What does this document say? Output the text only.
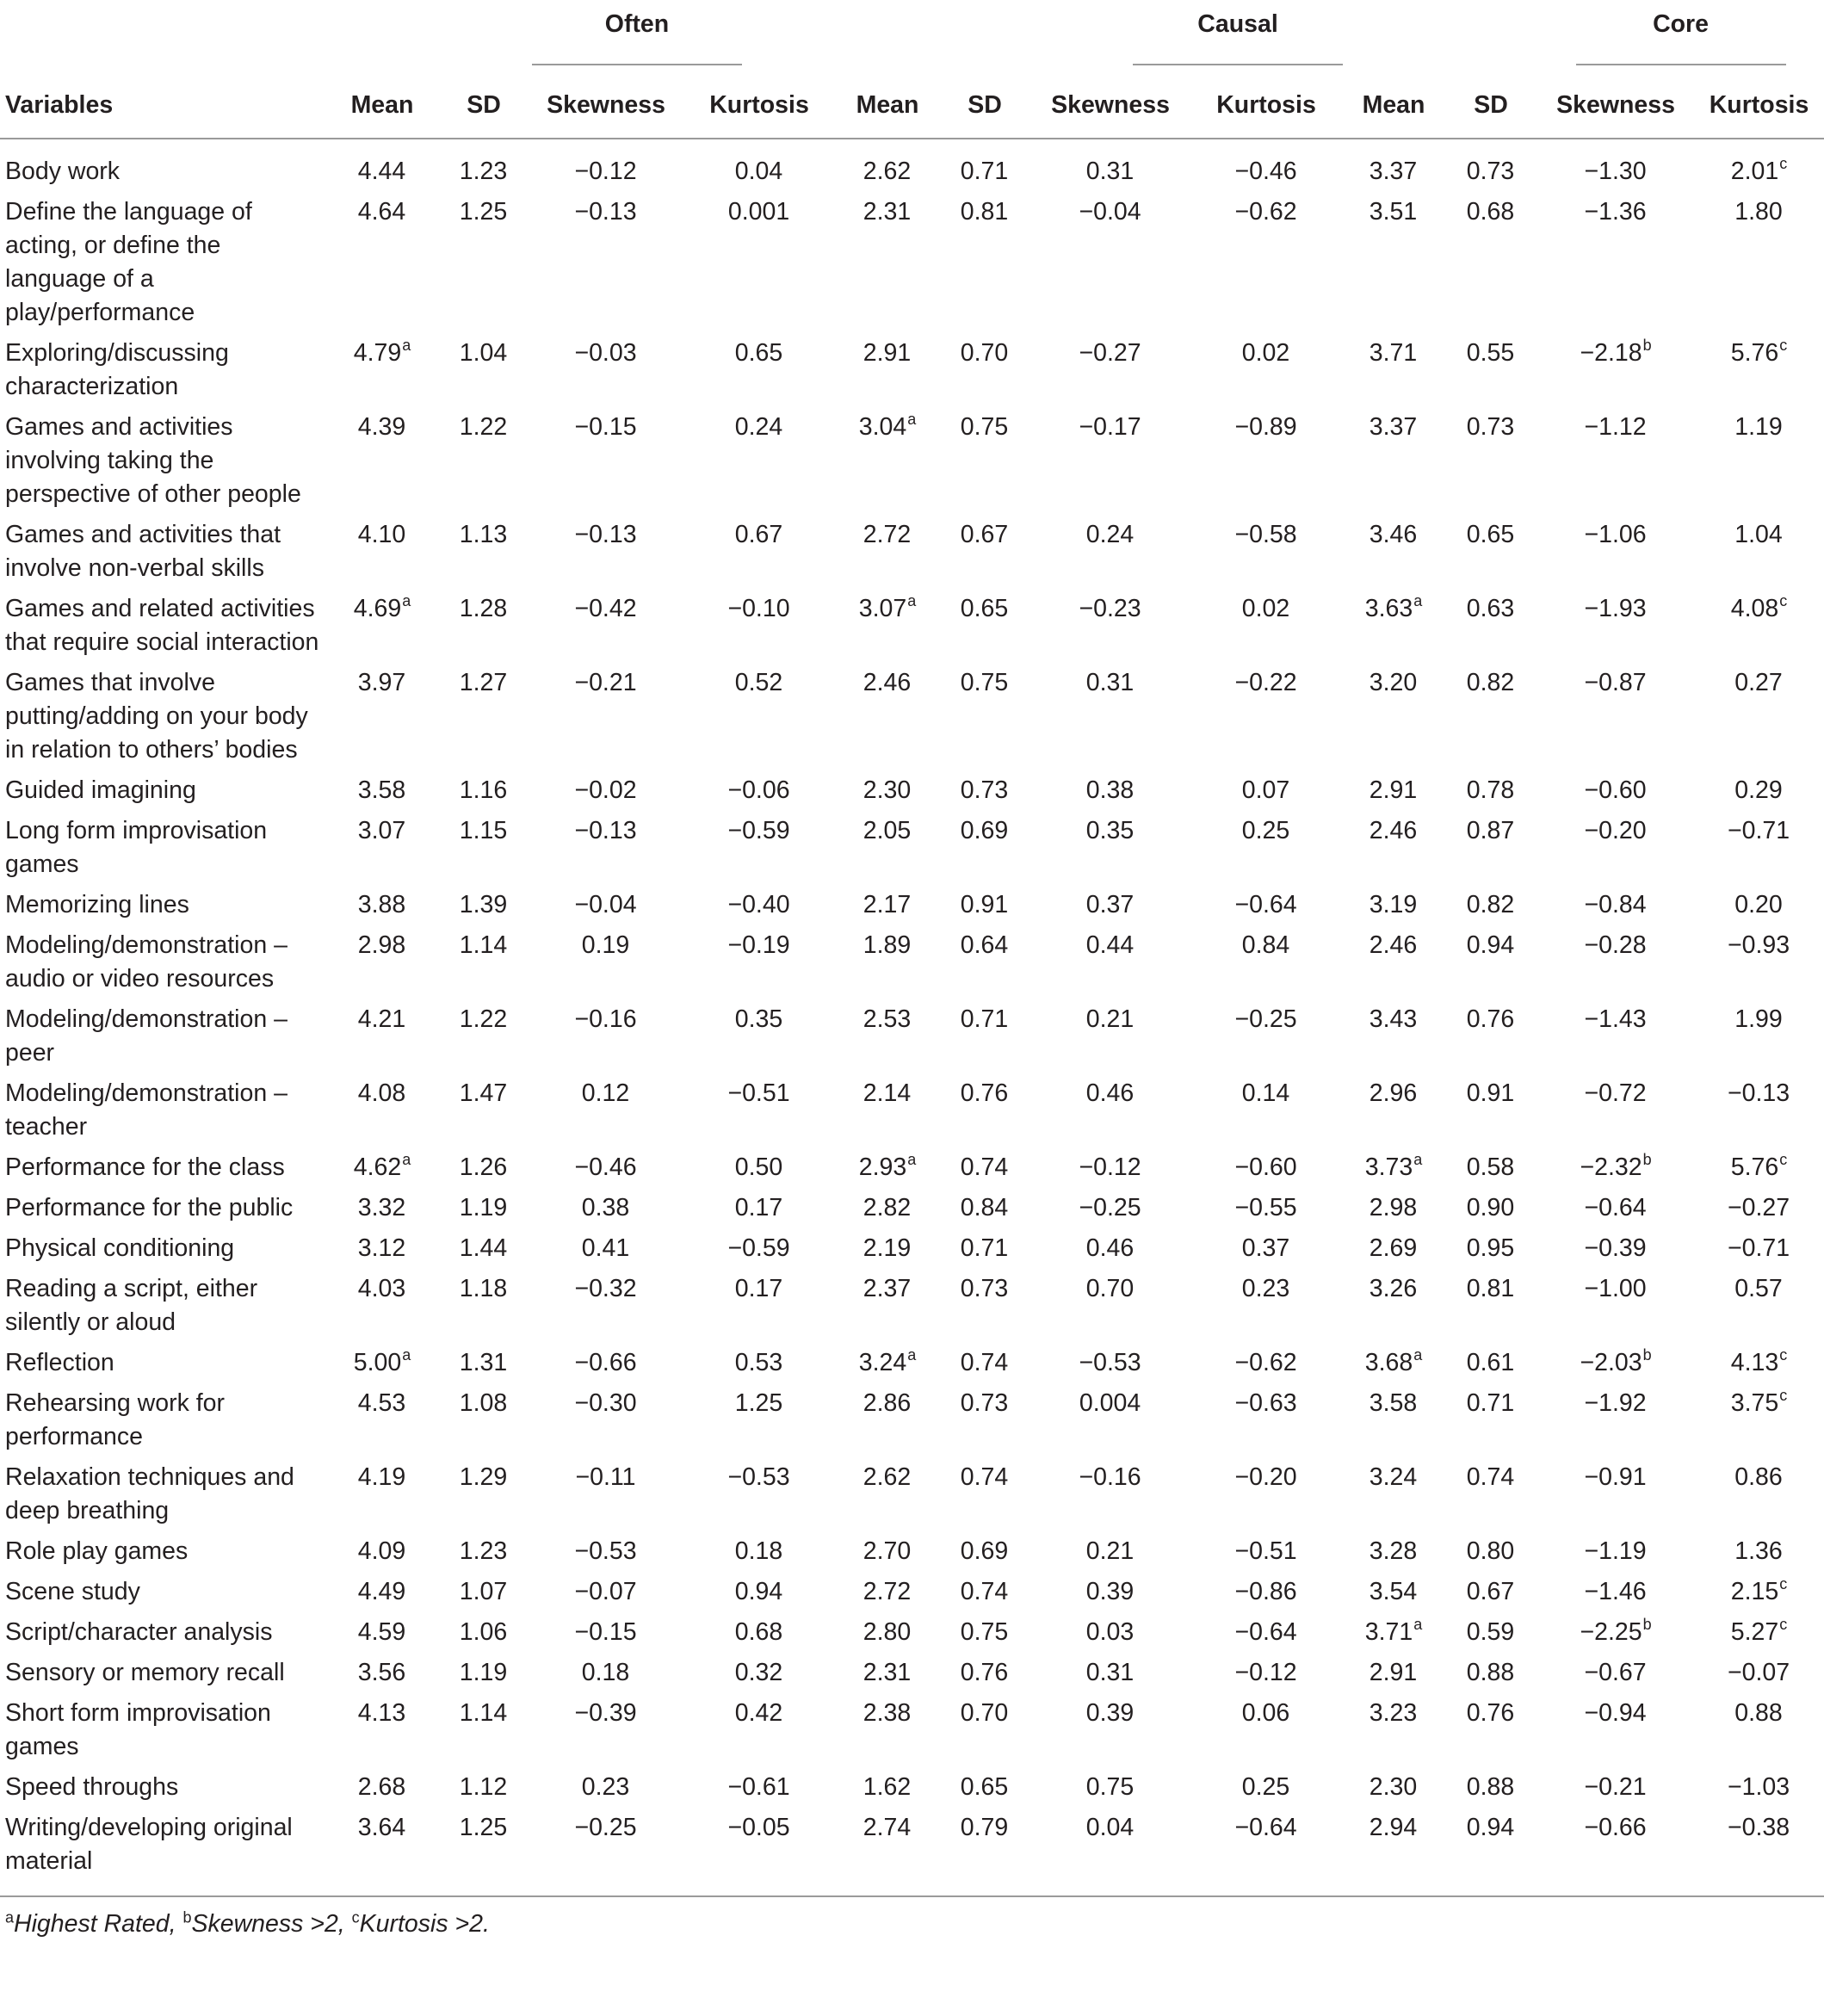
		Often					Causal				Core		

Variables	Mean	SD	Skewness	Kurtosis	Mean	SD	Skewness	Kurtosis	Mean	SD	Skewness	Kurtosis	

Body work	4.44	1.23	−0.12	0.04	2.62	0.71	0.31	−0.46	3.37	0.73	−1.30	2.01$^c$
Define the language of acting, or define the language of a play/performance	4.64	1.25	−0.13	0.001	2.31	0.81	−0.04	−0.62	3.51	0.68	−1.36	1.80	
Exploring/discussing characterization	4.79$^a$	1.04	−0.03	0.65	2.91	0.70	−0.27	0.02	3.71	0.55	−2.18$^b$	5.76$^c$
Games and activities involving taking the perspective of other people	4.39	1.22	−0.15	0.24	3.04$^a$	0.75	−0.17	−0.89	3.37	0.73	−1.12	1.19	
Games and activities that involve non-verbal skills	4.10	1.13	−0.13	0.67	2.72	0.67	0.24	−0.58	3.46	0.65	−1.06	1.04	
Games and related activities that require social interaction	4.69$^a$	1.28	−0.42	−0.10	3.07$^a$	0.65	−0.23	0.02	3.63$^a$	0.63	−1.93	4.08$^c$
Games that involve putting/adding on your body in relation to others’ bodies	3.97	1.27	−0.21	0.52	2.46	0.75	0.31	−0.22	3.20	0.82	−0.87	0.27	
Guided imagining	3.58	1.16	−0.02	−0.06	2.30	0.73	0.38	0.07	2.91	0.78	−0.60	0.29	
Long form improvisation games	3.07	1.15	−0.13	−0.59	2.05	0.69	0.35	0.25	2.46	0.87	−0.20	−0.71	
Memorizing lines	3.88	1.39	−0.04	−0.40	2.17	0.91	0.37	−0.64	3.19	0.82	−0.84	0.20	
Modeling/demonstration – audio or video resources	2.98	1.14	0.19	−0.19	1.89	0.64	0.44	0.84	2.46	0.94	−0.28	−0.93	
Modeling/demonstration – peer	4.21	1.22	−0.16	0.35	2.53	0.71	0.21	−0.25	3.43	0.76	−1.43	1.99	
Modeling/demonstration – teacher	4.08	1.47	0.12	−0.51	2.14	0.76	0.46	0.14	2.96	0.91	−0.72	−0.13	
Performance for the class	4.62$^a$	1.26	−0.46	0.50	2.93$^a$	0.74	−0.12	−0.60	3.73$^a$	0.58	−2.32$^b$	5.76$^c$
Performance for the public	3.32	1.19	0.38	0.17	2.82	0.84	−0.25	−0.55	2.98	0.90	−0.64	−0.27	
Physical conditioning	3.12	1.44	0.41	−0.59	2.19	0.71	0.46	0.37	2.69	0.95	−0.39	−0.71	
Reading a script, either silently or aloud	4.03	1.18	−0.32	0.17	2.37	0.73	0.70	0.23	3.26	0.81	−1.00	0.57	
Reflection	5.00$^a$	1.31	−0.66	0.53	3.24$^a$	0.74	−0.53	−0.62	3.68$^a$	0.61	−2.03$^b$	4.13$^c$
Rehearsing work for performance	4.53	1.08	−0.30	1.25	2.86	0.73	0.004	−0.63	3.58	0.71	−1.92	3.75$^c$
Relaxation techniques and deep breathing	4.19	1.29	−0.11	−0.53	2.62	0.74	−0.16	−0.20	3.24	0.74	−0.91	0.86	
Role play games	4.09	1.23	−0.53	0.18	2.70	0.69	0.21	−0.51	3.28	0.80	−1.19	1.36	
Scene study	4.49	1.07	−0.07	0.94	2.72	0.74	0.39	−0.86	3.54	0.67	−1.46	2.15$^c$
Script/character analysis	4.59	1.06	−0.15	0.68	2.80	0.75	0.03	−0.64	3.71$^a$	0.59	−2.25$^b$	5.27$^c$
Sensory or memory recall	3.56	1.19	0.18	0.32	2.31	0.76	0.31	−0.12	2.91	0.88	−0.67	−0.07	
Short form improvisation games	4.13	1.14	−0.39	0.42	2.38	0.70	0.39	0.06	3.23	0.76	−0.94	0.88	
Speed throughs	2.68	1.12	0.23	−0.61	1.62	0.65	0.75	0.25	2.30	0.88	−0.21	−1.03	
Writing/developing original material	3.64	1.25	−0.25	−0.05	2.74	0.79	0.04	−0.64	2.94	0.94	−0.66	−0.38	
$^a$Highest Rated, $^b$Skewness >2, $^c$Kurtosis >2.													
